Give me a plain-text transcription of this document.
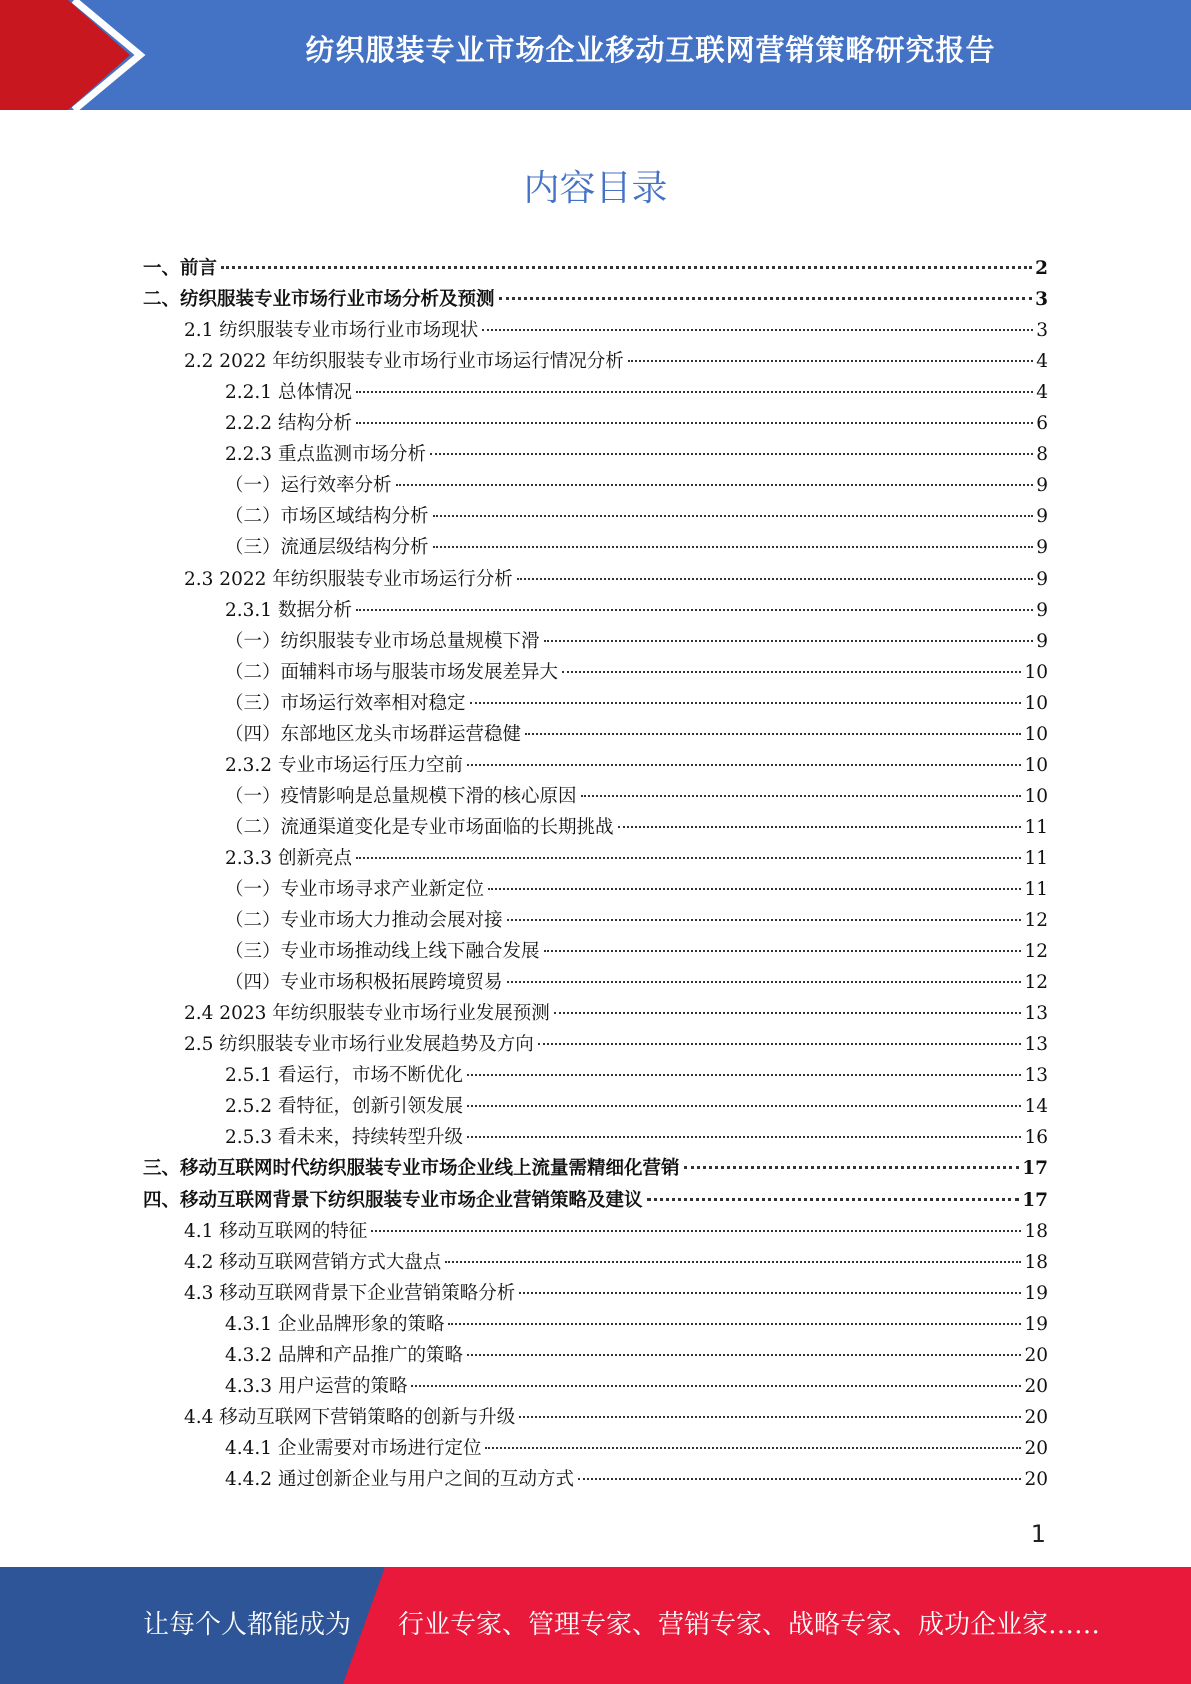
纺织服装专业市场企业移动互联网营销策略研究报告
内容目录
一、前言	2
二、纺织服装专业市场行业市场分析及预测	3
2.1 纺织服装专业市场行业市场现状	3
2.2 2022 年纺织服装专业市场行业市场运行情况分析	4
2.2.1 总体情况	4
2.2.2 结构分析	6
2.2.3 重点监测市场分析	8
（一）运行效率分析	9
（二）市场区域结构分析	9
（三）流通层级结构分析	9
2.3 2022 年纺织服装专业市场运行分析	9
2.3.1 数据分析	9
（一）纺织服装专业市场总量规模下滑	9
（二）面辅料市场与服装市场发展差异大	10
（三）市场运行效率相对稳定	10
（四）东部地区龙头市场群运营稳健	10
2.3.2 专业市场运行压力空前	10
（一）疫情影响是总量规模下滑的核心原因	10
（二）流通渠道变化是专业市场面临的长期挑战	11
2.3.3 创新亮点	11
（一）专业市场寻求产业新定位	11
（二）专业市场大力推动会展对接	12
（三）专业市场推动线上线下融合发展	12
（四）专业市场积极拓展跨境贸易	12
2.4 2023 年纺织服装专业市场行业发展预测	13
2.5 纺织服装专业市场行业发展趋势及方向	13
2.5.1 看运行，市场不断优化	13
2.5.2 看特征，创新引领发展	14
2.5.3 看未来，持续转型升级	16
三、移动互联网时代纺织服装专业市场企业线上流量需精细化营销	17
四、移动互联网背景下纺织服装专业市场企业营销策略及建议	17
4.1 移动互联网的特征	18
4.2 移动互联网营销方式大盘点	18
4.3 移动互联网背景下企业营销策略分析	19
4.3.1 企业品牌形象的策略	19
4.3.2 品牌和产品推广的策略	20
4.3.3 用户运营的策略	20
4.4 移动互联网下营销策略的创新与升级	20
4.4.1 企业需要对市场进行定位	20
4.4.2 通过创新企业与用户之间的互动方式	20
1
让每个人都能成为 行业专家、管理专家、营销专家、战略专家、成功企业家……
